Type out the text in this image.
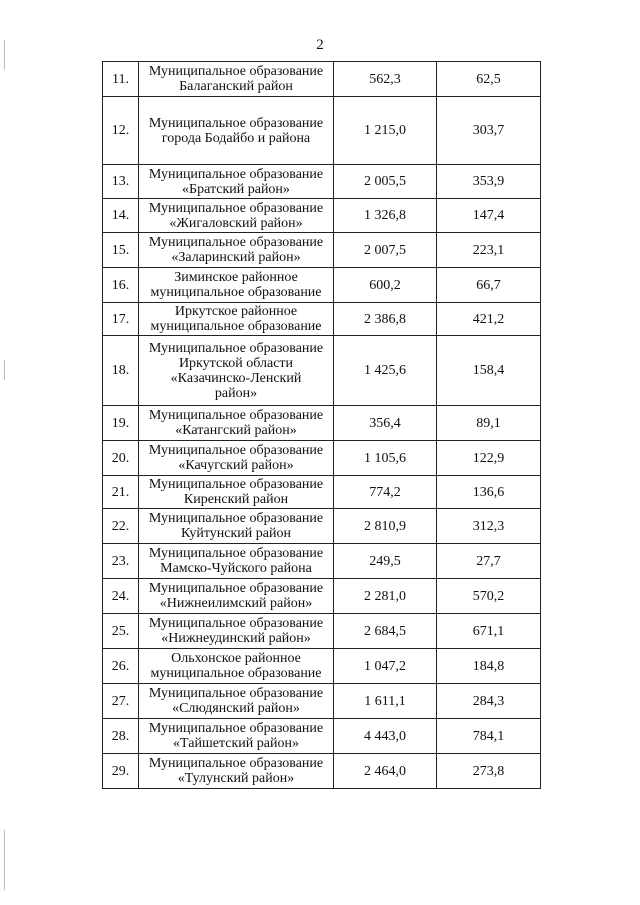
2
11.	Муниципальное образование
Балаганский район	562,3	62,5
12.	Муниципальное образование
города Бодайбо и района	1 215,0	303,7
13.	Муниципальное образование
«Братский район»	2 005,5	353,9
14.	Муниципальное образование
«Жигаловский район»	1 326,8	147,4
15.	Муниципальное образование
«Заларинский район»	2 007,5	223,1
16.	Зиминское районное
муниципальное образование	600,2	66,7
17.	Иркутское районное
муниципальное образование	2 386,8	421,2
18.	Муниципальное образование
Иркутской области
«Казачинско-Ленский
район»	1 425,6	158,4
19.	Муниципальное образование
«Катангский район»	356,4	89,1
20.	Муниципальное образование
«Качугский район»	1 105,6	122,9
21.	Муниципальное образование
Киренский район	774,2	136,6
22.	Муниципальное образование
Куйтунский район	2 810,9	312,3
23.	Муниципальное образование
Мамско-Чуйского района	249,5	27,7
24.	Муниципальное образование
«Нижнеилимский район»	2 281,0	570,2
25.	Муниципальное образование
«Нижнеудинский район»	2 684,5	671,1
26.	Ольхонское районное
муниципальное образование	1 047,2	184,8
27.	Муниципальное образование
«Слюдянский район»	1 611,1	284,3
28.	Муниципальное образование
«Тайшетский район»	4 443,0	784,1
29.	Муниципальное образование
«Тулунский район»	2 464,0	273,8
